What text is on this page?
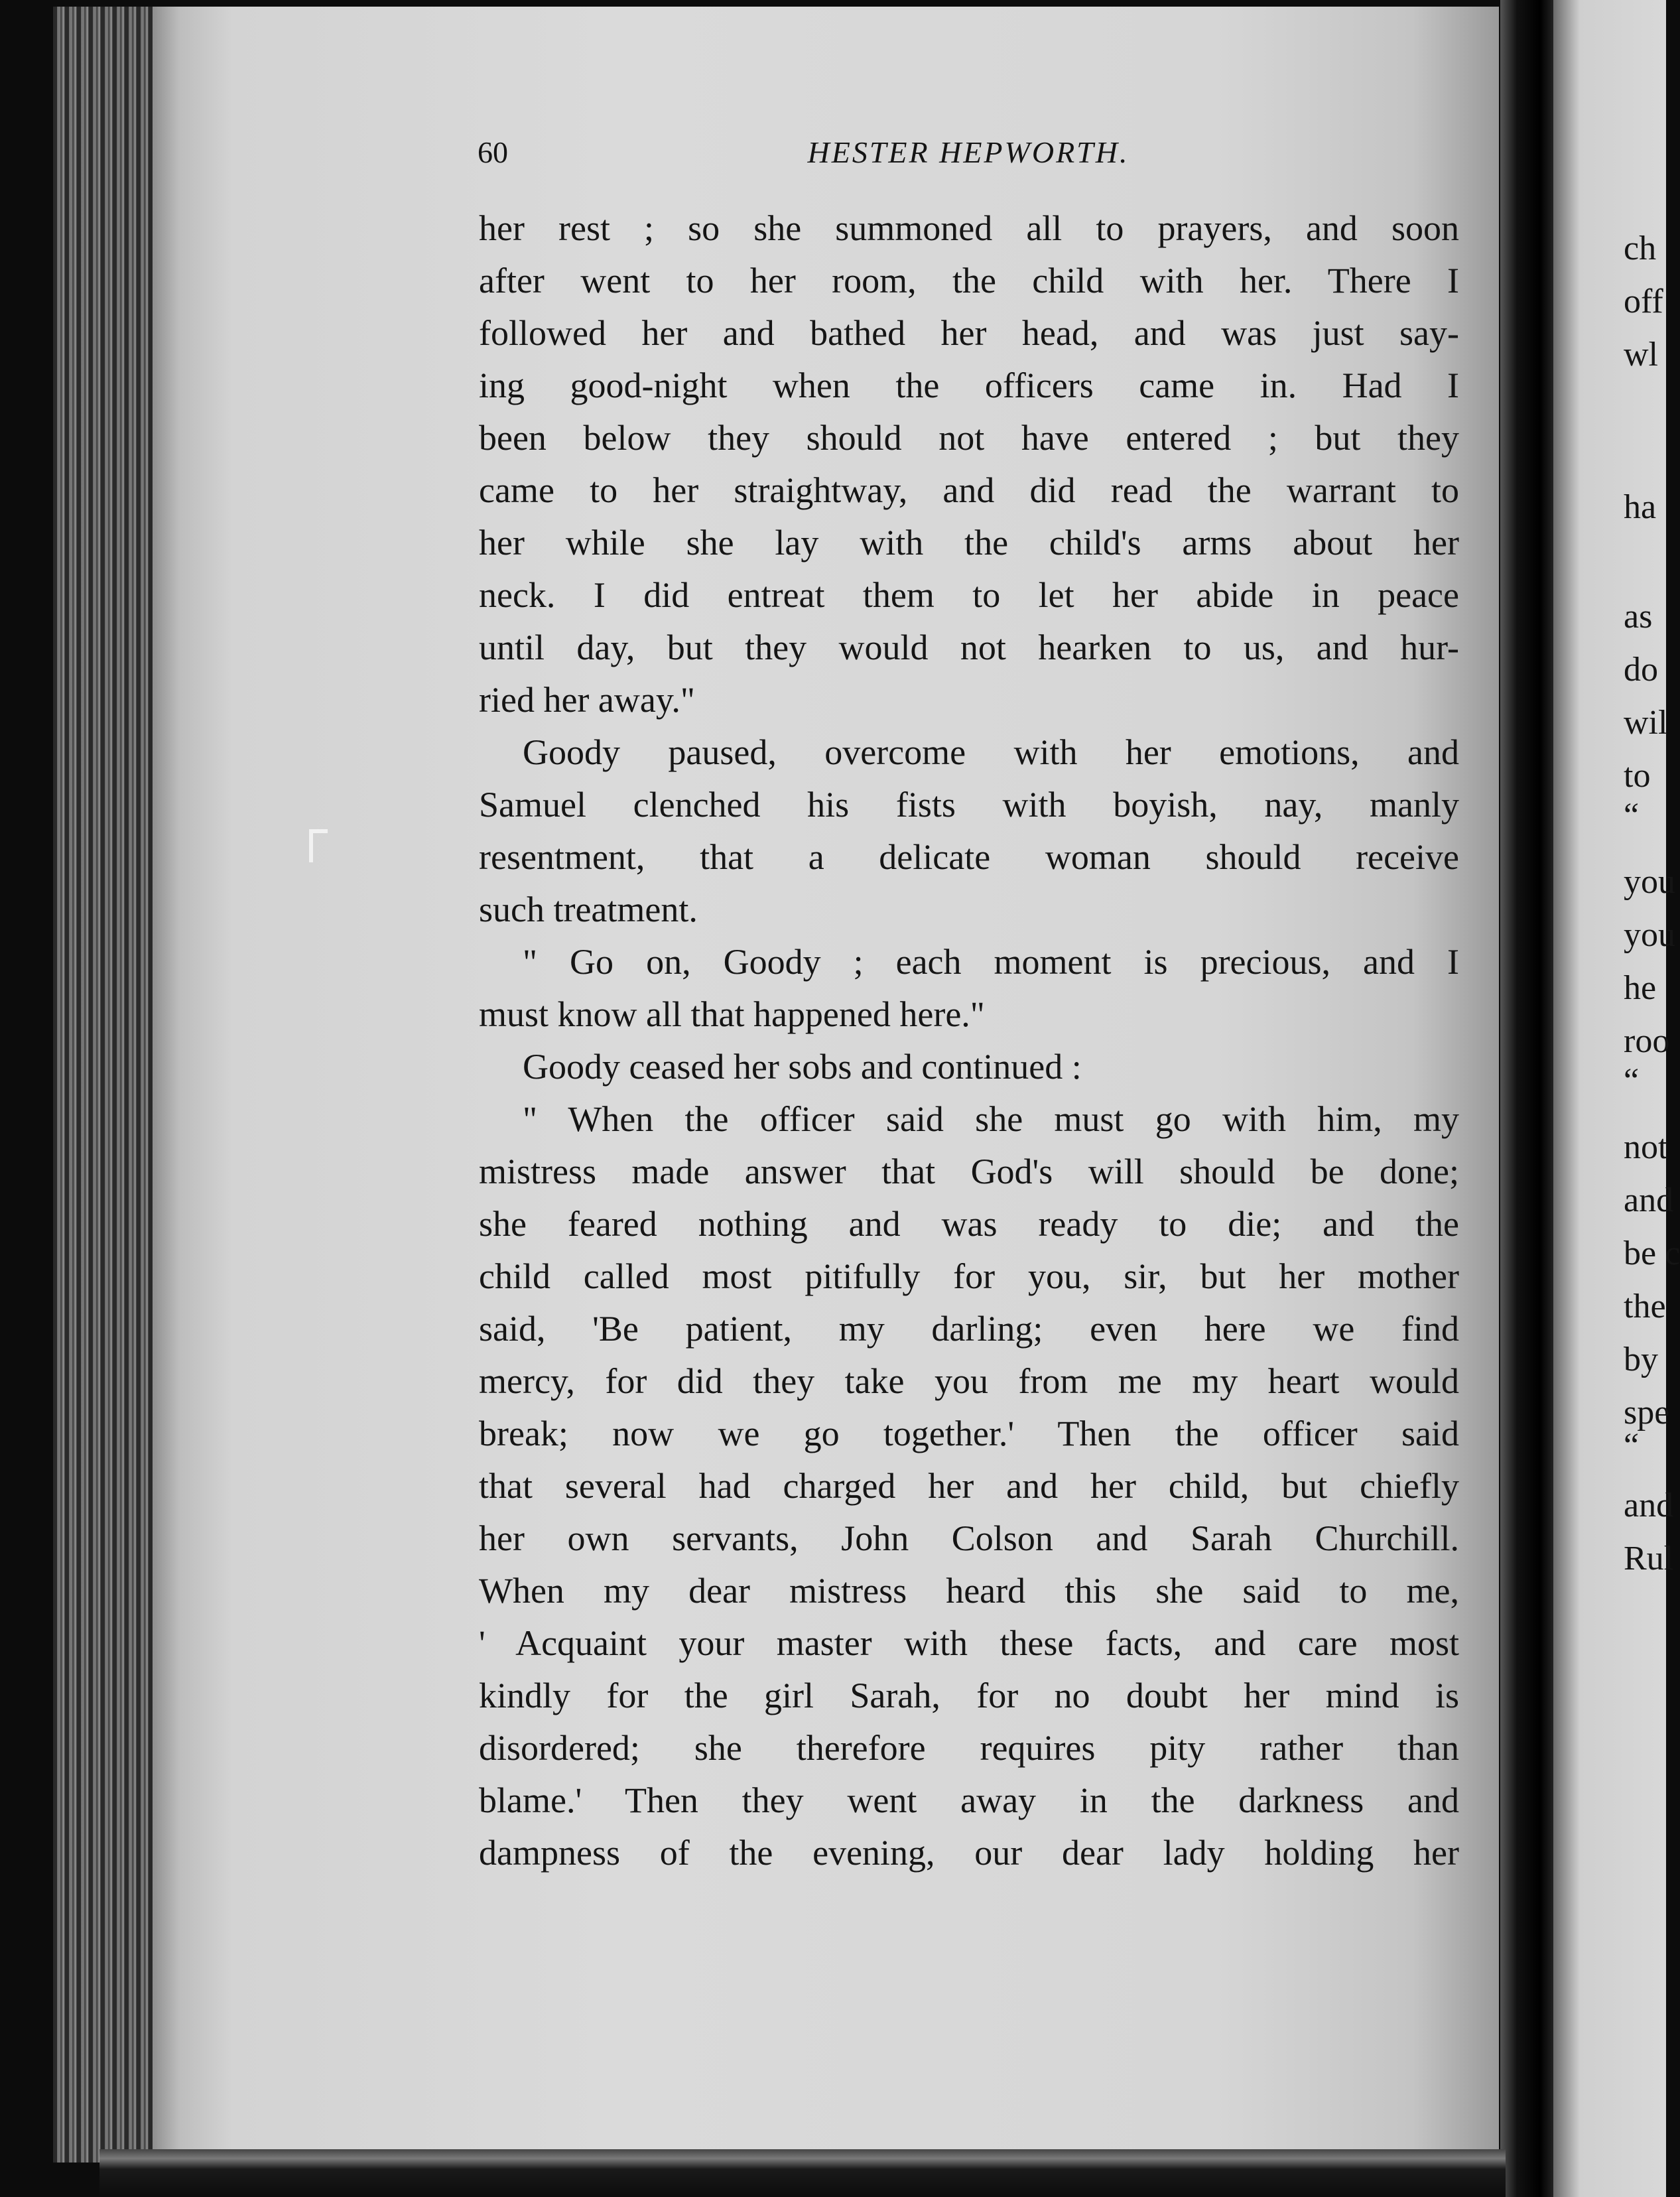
60	HESTER HEPWORTH.
her rest ; so she summoned all to prayers, and soon
after went to her room, the child with her. There I
followed her and bathed her head, and was just say-
ing good-night when the officers came in. Had I
been below they should not have entered ; but they
came to her straightway, and did read the warrant to
her while she lay with the child's arms about her
neck. I did entreat them to let her abide in peace
until day, but they would not hearken to us, and hur-
ried her away."
Goody paused, overcome with her emotions, and
Samuel clenched his fists with boyish, nay, manly
resentment, that a delicate woman should receive
such treatment.
" Go on, Goody ; each moment is precious, and I
must know all that happened here."
Goody ceased her sobs and continued :
" When the officer said she must go with him, my
mistress made answer that God's will should be done;
she feared nothing and was ready to die; and the
child called most pitifully for you, sir, but her mother
said, 'Be patient, my darling; even here we find
mercy, for did they take you from me my heart would
break; now we go together.' Then the officer said
that several had charged her and her child, but chiefly
her own servants, John Colson and Sarah Churchill.
When my dear mistress heard this she said to me,
' Acquaint your master with these facts, and care most
kindly for the girl Sarah, for no doubt her mind is
disordered; she therefore requires pity rather than
blame.' Then they went away in the darkness and
dampness of the evening, our dear lady holding her
ch
off
wl
ha
as
do
wil
to
“
you
you
he
roo
“
not
and
be c
the
by
spe
“
and
Rul
